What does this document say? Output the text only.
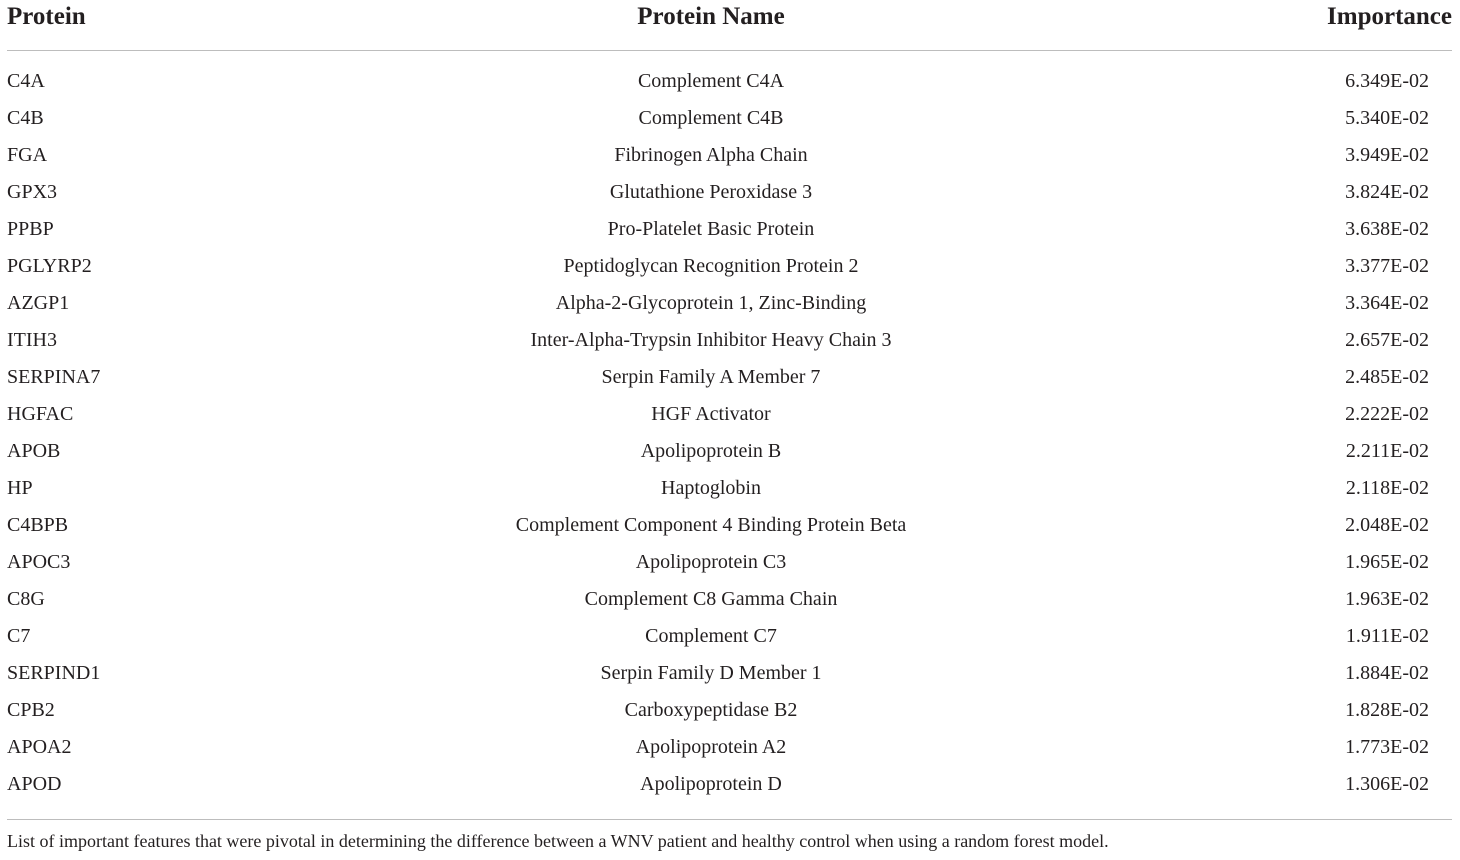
Protein	Protein Name	Importance
C4A	Complement C4A	6.349E-02
C4B	Complement C4B	5.340E-02
FGA	Fibrinogen Alpha Chain	3.949E-02
GPX3	Glutathione Peroxidase 3	3.824E-02
PPBP	Pro-Platelet Basic Protein	3.638E-02
PGLYRP2	Peptidoglycan Recognition Protein 2	3.377E-02
AZGP1	Alpha-2-Glycoprotein 1, Zinc-Binding	3.364E-02
ITIH3	Inter-Alpha-Trypsin Inhibitor Heavy Chain 3	2.657E-02
SERPINA7	Serpin Family A Member 7	2.485E-02
HGFAC	HGF Activator	2.222E-02
APOB	Apolipoprotein B	2.211E-02
HP	Haptoglobin	2.118E-02
C4BPB	Complement Component 4 Binding Protein Beta	2.048E-02
APOC3	Apolipoprotein C3	1.965E-02
C8G	Complement C8 Gamma Chain	1.963E-02
C7	Complement C7	1.911E-02
SERPIND1	Serpin Family D Member 1	1.884E-02
CPB2	Carboxypeptidase B2	1.828E-02
APOA2	Apolipoprotein A2	1.773E-02
APOD	Apolipoprotein D	1.306E-02
List of important features that were pivotal in determining the difference between a WNV patient and healthy control when using a random forest model.
